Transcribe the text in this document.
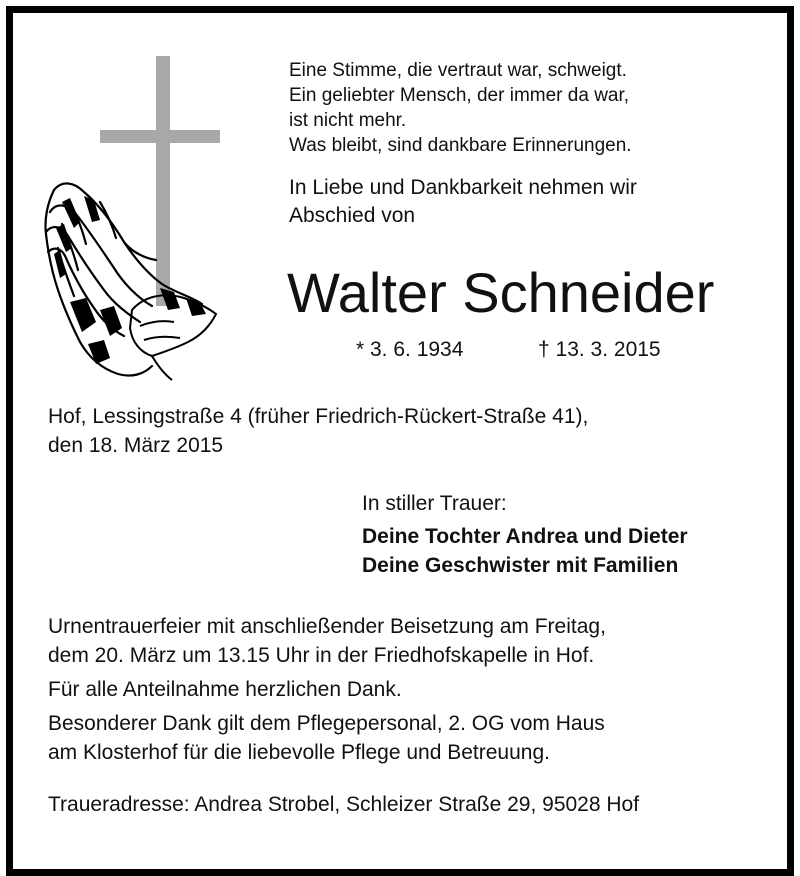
Eine Stimme, die vertraut war, schweigt.
Ein geliebter Mensch, der immer da war,
ist nicht mehr.
Was bleibt, sind dankbare Erinnerungen.
In Liebe und Dankbarkeit nehmen wir
Abschied von
Walter Schneider
* 3. 6. 1934	† 13. 3. 2015
Hof, Lessingstraße 4 (früher Friedrich-Rückert-Straße 41),
den 18. März 2015
In stiller Trauer:
Deine Tochter Andrea und Dieter
Deine Geschwister mit Familien
Urnentrauerfeier mit anschließender Beisetzung am Freitag,
dem 20. März um 13.15 Uhr in der Friedhofskapelle in Hof.
Für alle Anteilnahme herzlichen Dank.
Besonderer Dank gilt dem Pflegepersonal, 2. OG vom Haus
am Klosterhof für die liebevolle Pflege und Betreuung.
Traueradresse: Andrea Strobel, Schleizer Straße 29, 95028 Hof
